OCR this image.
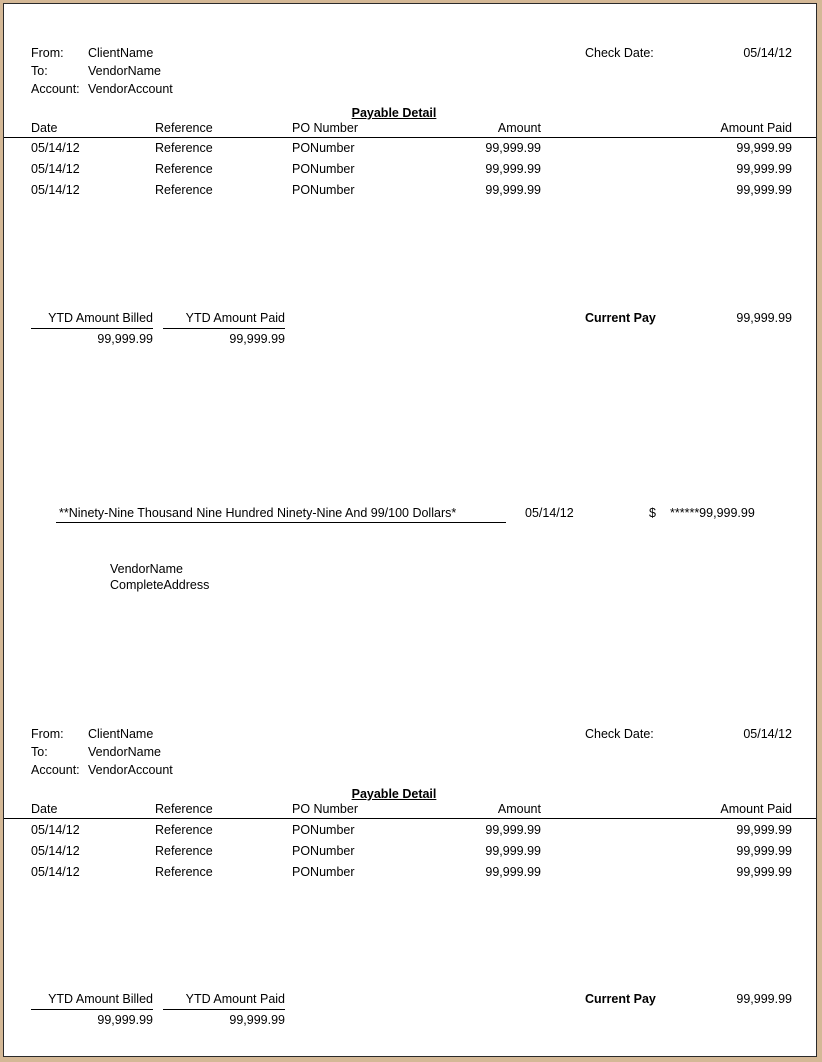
From: ClientName
To:	VendorName
Account: VendorAccount
Check Date:	05/14/12
Payable Detail
Date	Reference	PO Number	Amount	Amount Paid
05/14/12	Reference	PONumber	99,999.99	99,999.99
05/14/12	Reference	PONumber	99,999.99	99,999.99
05/14/12	Reference	PONumber	99,999.99	99,999.99
YTD Amount Billed
99,999.99
YTD Amount Paid
99,999.99
Current Pay	99,999.99
**Ninety-Nine Thousand Nine Hundred Ninety-Nine And 99/100 Dollars*	05/14/12	$ ******99,999.99
VendorName
CompleteAddress
From: ClientName
To:	VendorName
Account: VendorAccount
Check Date:	05/14/12
Payable Detail
Date	Reference	PO Number	Amount	Amount Paid
05/14/12	Reference	PONumber	99,999.99	99,999.99
05/14/12	Reference	PONumber	99,999.99	99,999.99
05/14/12	Reference	PONumber	99,999.99	99,999.99
YTD Amount Billed
99,999.99
YTD Amount Paid
99,999.99
Current Pay	99,999.99
